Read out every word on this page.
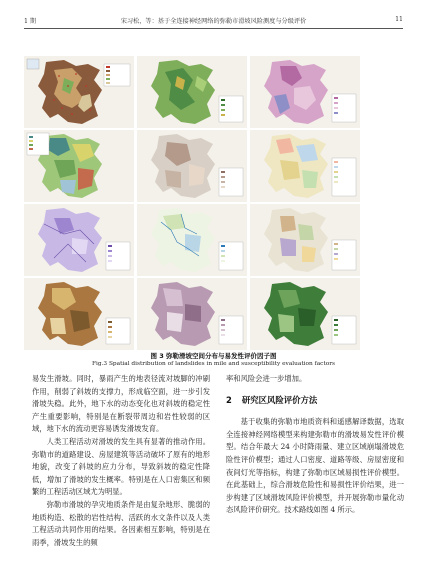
1 期	宋习松，等：基于全连接神经网络的弥勒市滑坡风险测度与分级评价	11
图 3 弥勒滑坡空间分布与易发性评价因子图
Fig.3 Spatial distribution of landslides in mile and susceptibility evaluation factors

易发生滑坡。同时，暴雨产生的地表径流对坡脚的冲刷作用，削弱了斜坡的支撑力，形成临空面，进一步引发滑坡失稳。此外，地下水的动态变化也对斜坡的稳定性产生重要影响，特别是在断裂带周边和岩性较弱的区域，地下水的流动更容易诱发滑坡发育。

人类工程活动对滑坡的发生具有显著的推动作用。弥勒市的道路建设、房屋建筑等活动破坏了原有的地形地貌，改变了斜坡的应力分布，导致斜坡的稳定性降低，增加了滑坡的发生概率。特别是在人口密集区和频繁的工程活动区域尤为明显。

弥勒市滑坡的孕灾地质条件是由复杂地形、脆弱的地质构造、松散的岩性结构、活跃的水文条件以及人类工程活动共同作用的结果。各因素相互影响，特别是在雨季，滑坡发生的频

率和风险会进一步增加。

2 研究区风险评价方法

基于收集的弥勒市地质资料和遥感解译数据，选取全连接神经网络模型来构建弥勒市的滑坡易发性评价模型。结合年最大 24 小时降雨量、建立区域崩塌滑坡危险性评价模型；通过人口密度、道路等级、房屋密度和夜间灯光等指标，构建了弥勒市区域易损性评价模型。在此基础上，综合滑坡危险性和易损性评价结果，进一步构建了区域滑坡风险评价模型，并开展弥勒市量化动态风险评价研究。技术路线如图 4 所示。
